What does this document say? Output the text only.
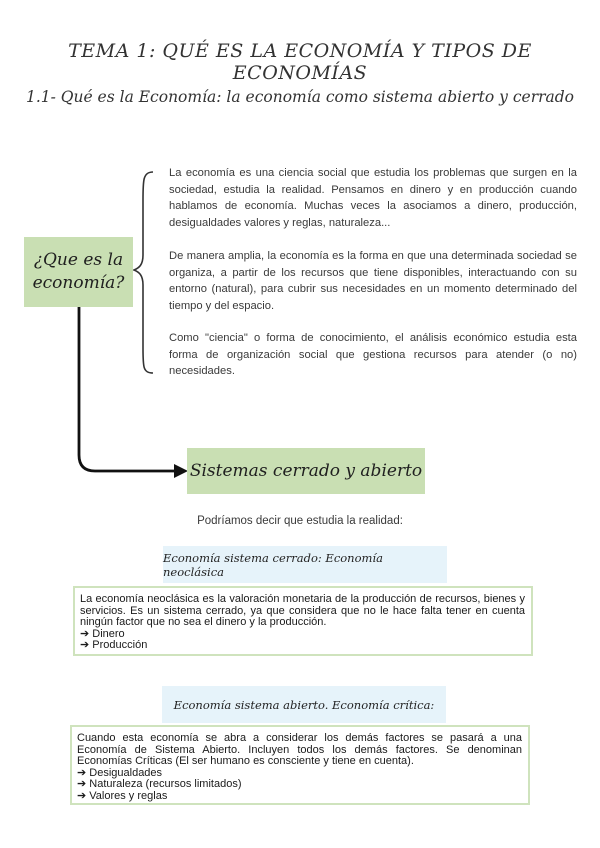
TEMA 1: QUÉ ES LA ECONOMÍA Y TIPOS DE ECONOMÍAS
1.1- Qué es la Economía: la economía como sistema abierto y cerrado
¿Que es la
economía?
La economía es una ciencia social que estudia los problemas que surgen en la sociedad, estudia la realidad. Pensamos en dinero y en producción cuando hablamos de economía. Muchas veces la asociamos a dinero, producción, desigualdades valores y reglas, naturaleza...
De manera amplia, la economía es la forma en que una determinada sociedad se organiza, a partir de los recursos que tiene disponibles, interactuando con su entorno (natural), para cubrir sus necesidades en un momento determinado del tiempo y del espacio.
Como "ciencia" o forma de conocimiento, el análisis económico estudia esta forma de organización social que gestiona recursos para atender (o no) necesidades.
Sistemas cerrado y abierto
Podríamos decir que estudia la realidad:
Economía sistema cerrado: Economía neoclásica
La economía neoclásica es la valoración monetaria de la producción de recursos, bienes y servicios. Es un sistema cerrado, ya que considera que no le hace falta tener en cuenta ningún factor que no sea el dinero y la producción.
➔ Dinero
➔ Producción
Economía sistema abierto. Economía crítica:
Cuando esta economía se abra a considerar los demás factores se pasará a una Economía de Sistema Abierto. Incluyen todos los demás factores. Se denominan Economías Críticas (El ser humano es consciente y tiene en cuenta).
➔ Desigualdades
➔ Naturaleza (recursos limitados)
➔ Valores y reglas
